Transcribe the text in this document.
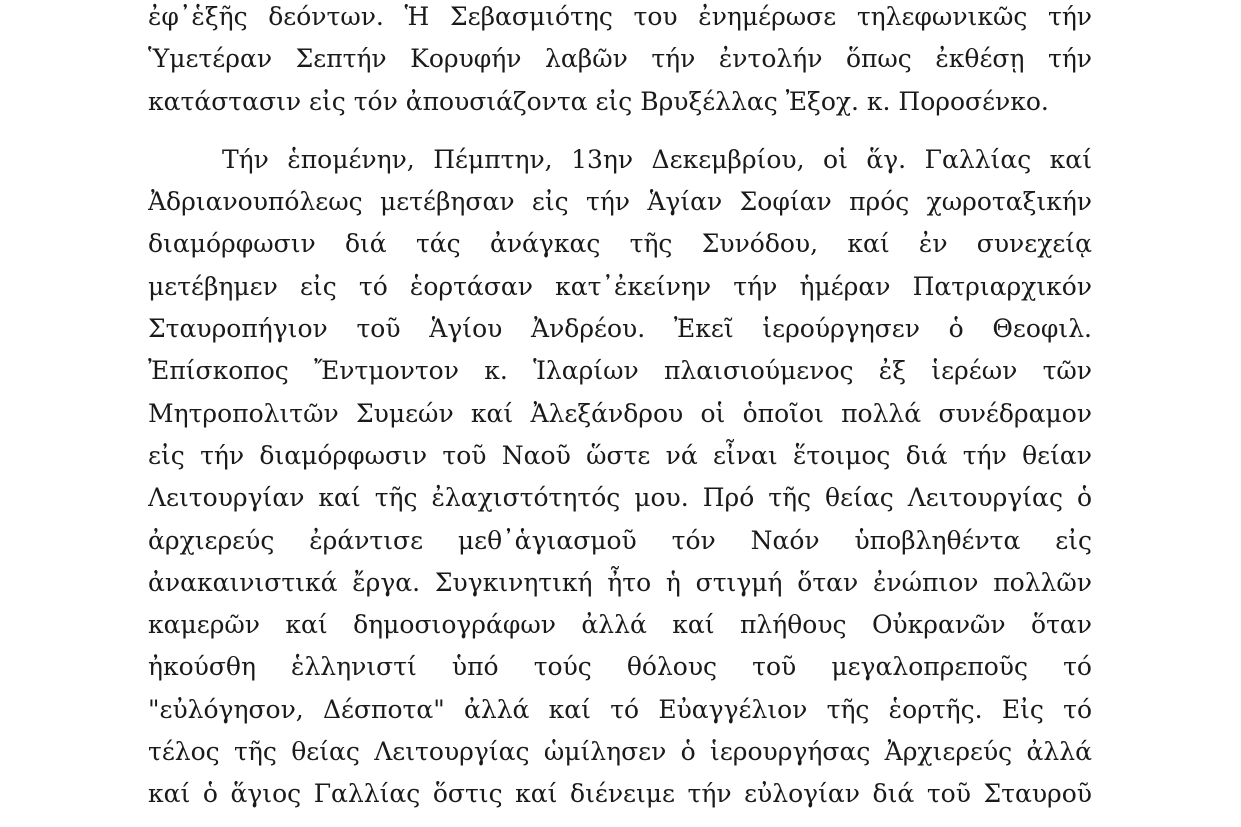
ἐφ᾽ἑξῆς δεόντων. Ἡ Σεβασμιότης του ἐνημέρωσε τηλεφωνικῶς τήν
Ὑμετέραν Σεπτήν Κορυφήν λαβῶν τήν ἐντολήν ὅπως ἐκθέσῃ τήν
κατάστασιν εἰς τόν ἀπουσιάζοντα εἰς Βρυξέλλας Ἐξοχ. κ. Ποροσένκο.
Τήν ἑπομένην, Πέμπτην, 13ην Δεκεμβρίου, οἱ ἅγ. Γαλλίας καί
Ἀδριανουπόλεως μετέβησαν εἰς τήν Ἁγίαν Σοφίαν πρός χωροταξικήν
διαμόρφωσιν διά τάς ἀνάγκας τῆς Συνόδου, καί ἐν συνεχείᾳ
μετέβημεν εἰς τό ἑορτάσαν κατ᾽ἐκείνην τήν ἡμέραν Πατριαρχικόν
Σταυροπήγιον τοῦ Ἁγίου Ἀνδρέου. Ἐκεῖ ἱερούργησεν ὁ Θεοφιλ.
Ἐπίσκοπος Ἔντμοντον κ. Ἱλαρίων πλαισιούμενος ἐξ ἱερέων τῶν
Μητροπολιτῶν Συμεών καί Ἀλεξάνδρου οἱ ὁποῖοι πολλά συνέδραμον
εἰς τήν διαμόρφωσιν τοῦ Ναοῦ ὥστε νά εἶναι ἕτοιμος διά τήν θείαν
Λειτουργίαν καί τῆς ἐλαχιστότητός μου. Πρό τῆς θείας Λειτουργίας ὁ
ἀρχιερεύς ἐράντισε μεθ᾽ἁγιασμοῦ τόν Ναόν ὑποβληθέντα εἰς
ἀνακαινιστικά ἔργα. Συγκινητική ἦτο ἡ στιγμή ὅταν ἐνώπιον πολλῶν
καμερῶν καί δημοσιογράφων ἀλλά καί πλήθους Οὐκρανῶν ὅταν
ἠκούσθη ἑλληνιστί ὑπό τούς θόλους τοῦ μεγαλοπρεποῦς τό
"εὐλόγησον, Δέσποτα" ἀλλά καί τό Εὐαγγέλιον τῆς ἑορτῆς. Εἰς τό
τέλος τῆς θείας Λειτουργίας ὡμίλησεν ὁ ἱερουργήσας Ἀρχιερεύς ἀλλά
καί ὁ ἅγιος Γαλλίας ὅστις καί διένειμε τήν εὐλογίαν διά τοῦ Σταυροῦ
